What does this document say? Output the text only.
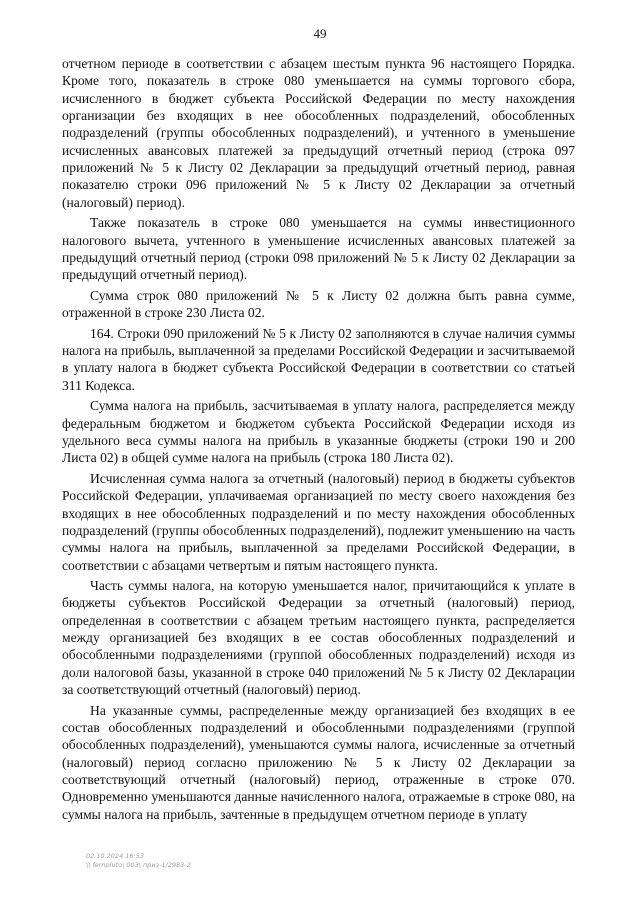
49

отчетном периоде в соответствии с абзацем шестым пункта 96 настоящего Порядка. Кроме того, показатель в строке 080 уменьшается на суммы торгового сбора, исчисленного в бюджет субъекта Российской Федерации по месту нахождения организации без входящих в нее обособленных подразделений, обособленных подразделений (группы обособленных подразделений), и учтенного в уменьшение исчисленных авансовых платежей за предыдущий отчетный период (строка 097 приложений № 5 к Листу 02 Декларации за предыдущий отчетный период, равная показателю строки 096 приложений № 5 к Листу 02 Декларации за отчетный (налоговый) период).

Также показатель в строке 080 уменьшается на суммы инвестиционного налогового вычета, учтенного в уменьшение исчисленных авансовых платежей за предыдущий отчетный период (строки 098 приложений № 5 к Листу 02 Декларации за предыдущий отчетный период).

Сумма строк 080 приложений № 5 к Листу 02 должна быть равна сумме, отраженной в строке 230 Листа 02.

164. Строки 090 приложений № 5 к Листу 02 заполняются в случае наличия суммы налога на прибыль, выплаченной за пределами Российской Федерации и засчитываемой в уплату налога в бюджет субъекта Российской Федерации в соответствии со статьей 311 Кодекса.

Сумма налога на прибыль, засчитываемая в уплату налога, распределяется между федеральным бюджетом и бюджетом субъекта Российской Федерации исходя из удельного веса суммы налога на прибыль в указанные бюджеты (строки 190 и 200 Листа 02) в общей сумме налога на прибыль (строка 180 Листа 02).

Исчисленная сумма налога за отчетный (налоговый) период в бюджеты субъектов Российской Федерации, уплачиваемая организацией по месту своего нахождения без входящих в нее обособленных подразделений и по месту нахождения обособленных подразделений (группы обособленных подразделений), подлежит уменьшению на часть суммы налога на прибыль, выплаченной за пределами Российской Федерации, в соответствии с абзацами четвертым и пятым настоящего пункта.

Часть суммы налога, на которую уменьшается налог, причитающийся к уплате в бюджеты субъектов Российской Федерации за отчетный (налоговый) период, определенная в соответствии с абзацем третьим настоящего пункта, распределяется между организацией без входящих в ее состав обособленных подразделений и обособленными подразделениями (группой обособленных подразделений) исходя из доли налоговой базы, указанной в строке 040 приложений № 5 к Листу 02 Декларации за соответствующий отчетный (налоговый) период.

На указанные суммы, распределенные между организацией без входящих в ее состав обособленных подразделений и обособленными подразделениями (группой обособленных подразделений), уменьшаются суммы налога, исчисленные за отчетный (налоговый) период согласно приложению № 5 к Листу 02 Декларации за соответствующий отчетный (налоговый) период, отраженные в строке 070. Одновременно уменьшаются данные начисленного налога, отражаемые в строке 080, на суммы налога на прибыль, зачтенные в предыдущем отчетном периоде в уплату

02.10.2024 16:53
\\ fernpluto\ 003\ приз-1/2983-2
